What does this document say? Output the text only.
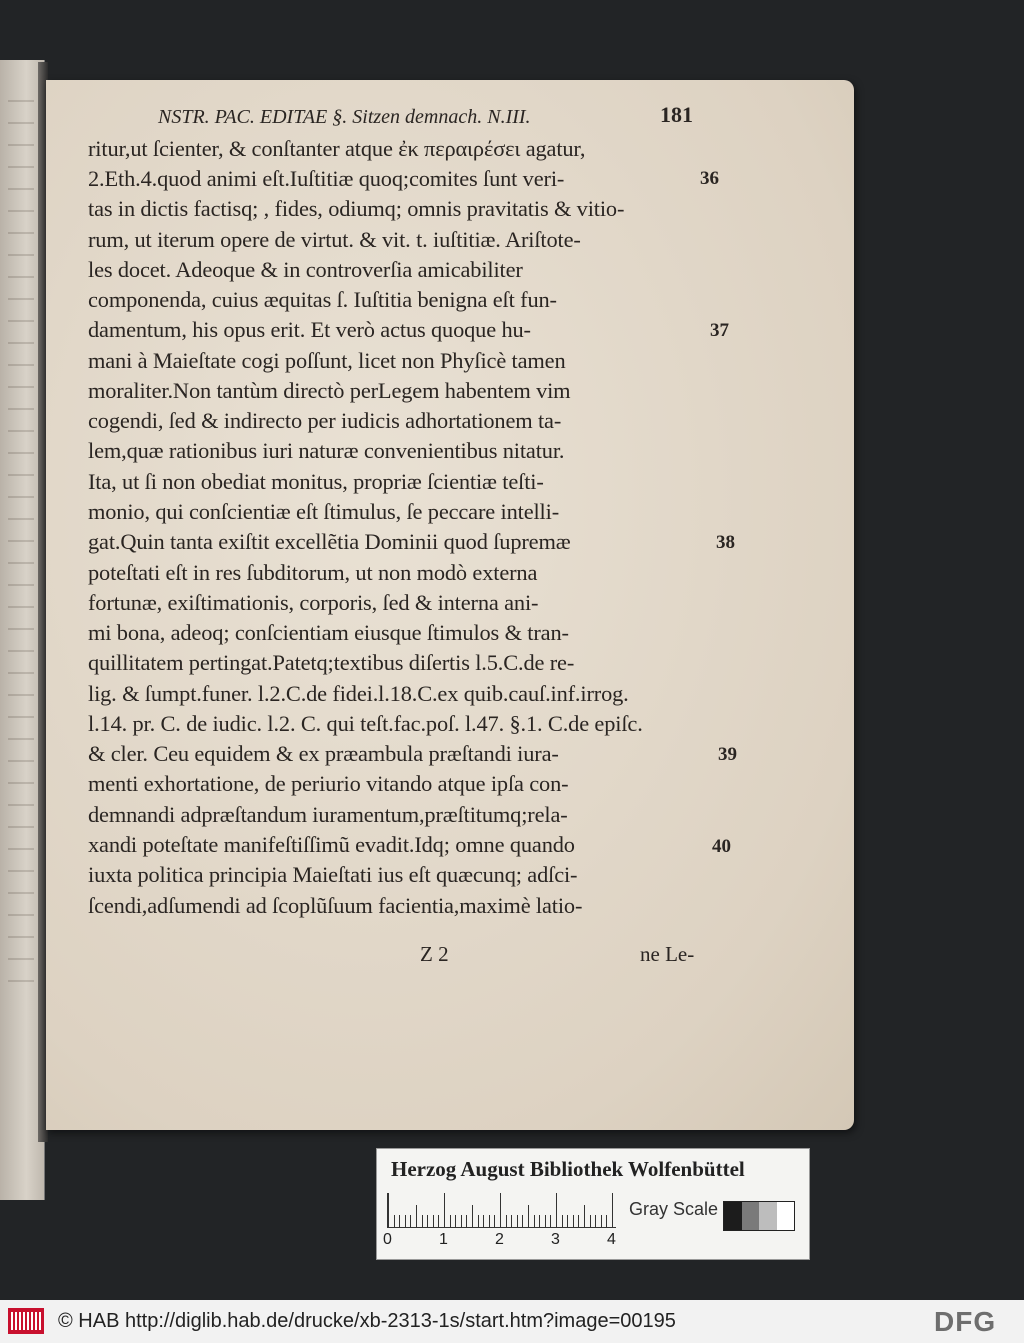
NSTR. PAC. EDITAE §. Sitzen demnach. N.III.	181
ritur,ut ſcienter, & conſtanter atque ἐκ περαιρέσει agatur,
2.Eth.4.quod animi eſt.Iuſtitiæ quoq;comites ſunt veri-
tas in dictis factisq; , fides, odiumq; omnis pravitatis & vitio-
rum, ut iterum opere de virtut. & vit. t. iuſtitiæ. Ariſtote-
les docet. Adeoque & in controverſia amicabiliter
componenda, cuius æquitas ſ. Iuſtitia benigna eſt fun-
damentum, his opus erit. Et verò actus quoque hu-
mani à Maieſtate cogi poſſunt, licet non Phyſicè tamen
moraliter.Non tantùm directò perLegem habentem vim
cogendi, ſed & indirecto per iudicis adhortationem ta-
lem,quæ rationibus iuri naturæ convenientibus nitatur.
Ita, ut ſi non obediat monitus, propriæ ſcientiæ teſti-
monio, qui conſcientiæ eſt ſtimulus, ſe peccare intelli-
gat.Quin tanta exiſtit excellẽtia Dominii quod ſupremæ
poteſtati eſt in res ſubditorum, ut non modò externa
fortunæ, exiſtimationis, corporis, ſed & interna ani-
mi bona, adeoq; conſcientiam eiusque ſtimulos & tran-
quillitatem pertingat.Patetq;textibus diſertis l.5.C.de re-
lig. & ſumpt.funer. l.2.C.de fidei.l.18.C.ex quib.cauſ.inf.irrog.
l.14. pr. C. de iudic. l.2. C. qui teſt.fac.poſ. l.47. §.1. C.de epiſc.
& cler. Ceu equidem & ex præambula præſtandi iura-
menti exhortatione, de periurio vitando atque ipſa con-
demnandi adpræſtandum iuramentum,præſtitumq;rela-
xandi poteſtate manifeſtiſſimũ evadit.Idq; omne quando
iuxta politica principia Maieſtati ius eſt quæcunq; adſci-
ſcendi,adſumendi ad ſcoplũſuum facientia,maximè latio-
36
37
38
39
40
Z 2	ne Le-
Herzog August Bibliothek Wolfenbüttel
0	1	2	3	4
Gray Scale
© HAB http://diglib.hab.de/drucke/xb-2313-1s/start.htm?image=00195	DFG
